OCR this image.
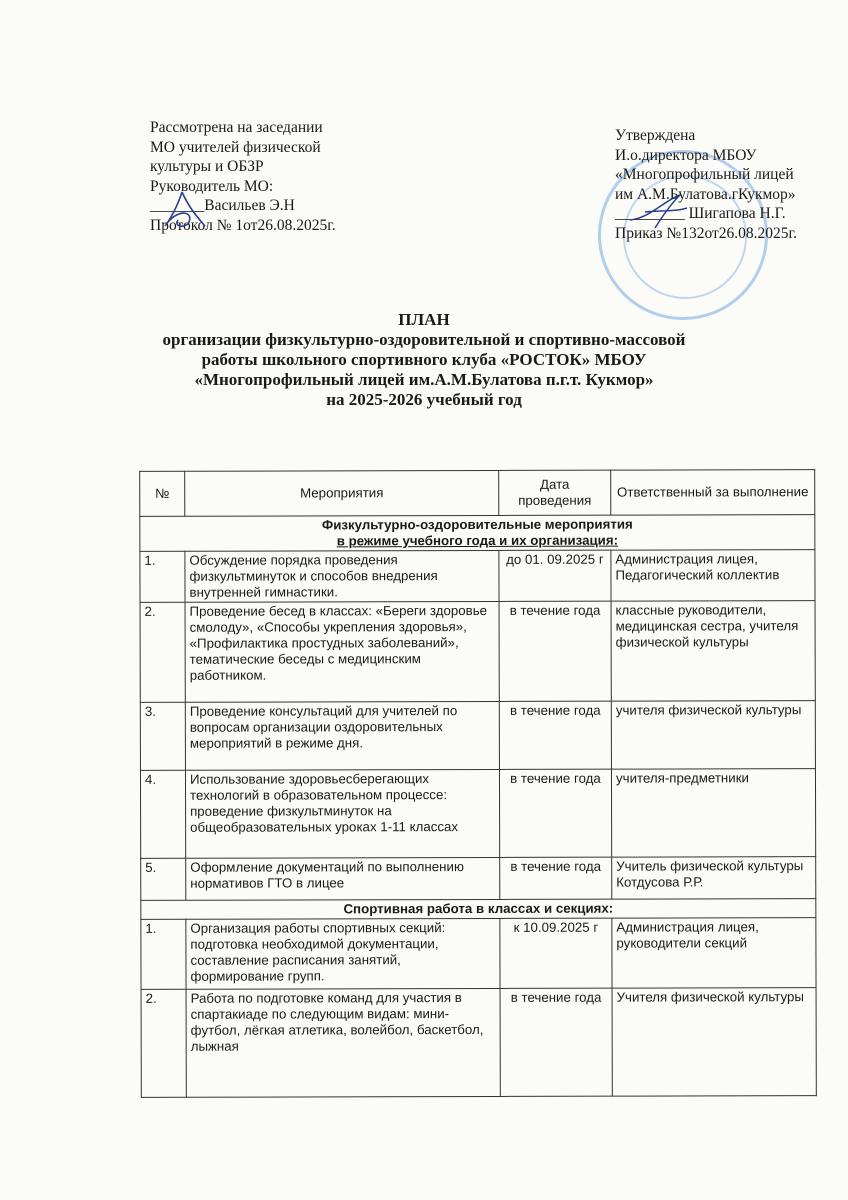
Рассмотрена на заседании
МО учителей физической
культуры и ОБЗР
Руководитель МО:
_______Васильев Э.Н
Протокол № 1от26.08.2025г.
Утверждена
И.о.директора МБОУ
«Многопрофильный лицей
им А.М.Булатова.гКукмор»
_________ Шигапова Н.Г.
Приказ №132от26.08.2025г.
ПЛАН
организации физкультурно-оздоровительной и спортивно-массовой
работы школьного спортивного клуба «РОСТОК» МБОУ
«Многопрофильный лицей им.А.М.Булатова п.г.т. Кукмор»
на 2025-2026 учебный год
№	Мероприятия	Дата проведения	Ответственный за выполнение

Физкультурно-оздоровительные мероприятия
в режиме учебного года и их организация:			

1.	Обсуждение порядка проведения физкультминуток и способов внедрения внутренней гимнастики.	до 01. 09.2025 г	Администрация лицея, Педагогический коллектив
2.	Проведение бесед в классах: «Береги здоровье смолоду», «Способы укрепления здоровья», «Профилактика простудных заболеваний», тематические беседы с медицинским работником.	в течение года	классные руководители, медицинская сестра, учителя физической культуры
3.	Проведение консультаций для учителей по вопросам организации оздоровительных мероприятий в режиме дня.	в течение года	учителя физической культуры
4.	Использование здоровьесберегающих технологий в образовательном процессе: проведение физкультминуток на общеобразовательных уроках 1-11 классах	в течение года	учителя-предметники
5.	Оформление документаций по выполнению нормативов ГТО в лицее	в течение года	Учитель физической культуры Котдусова Р.Р.
Спортивная работа в классах и секциях:			
1.	Организация работы спортивных секций: подготовка необходимой документации, составление расписания занятий, формирование групп.	к 10.09.2025 г	Администрация лицея, руководители секций
2.	Работа по подготовке команд для участия в спартакиаде по следующим видам: мини-футбол, лёгкая атлетика, волейбол, баскетбол, лыжная	в течение года	Учителя физической культуры
